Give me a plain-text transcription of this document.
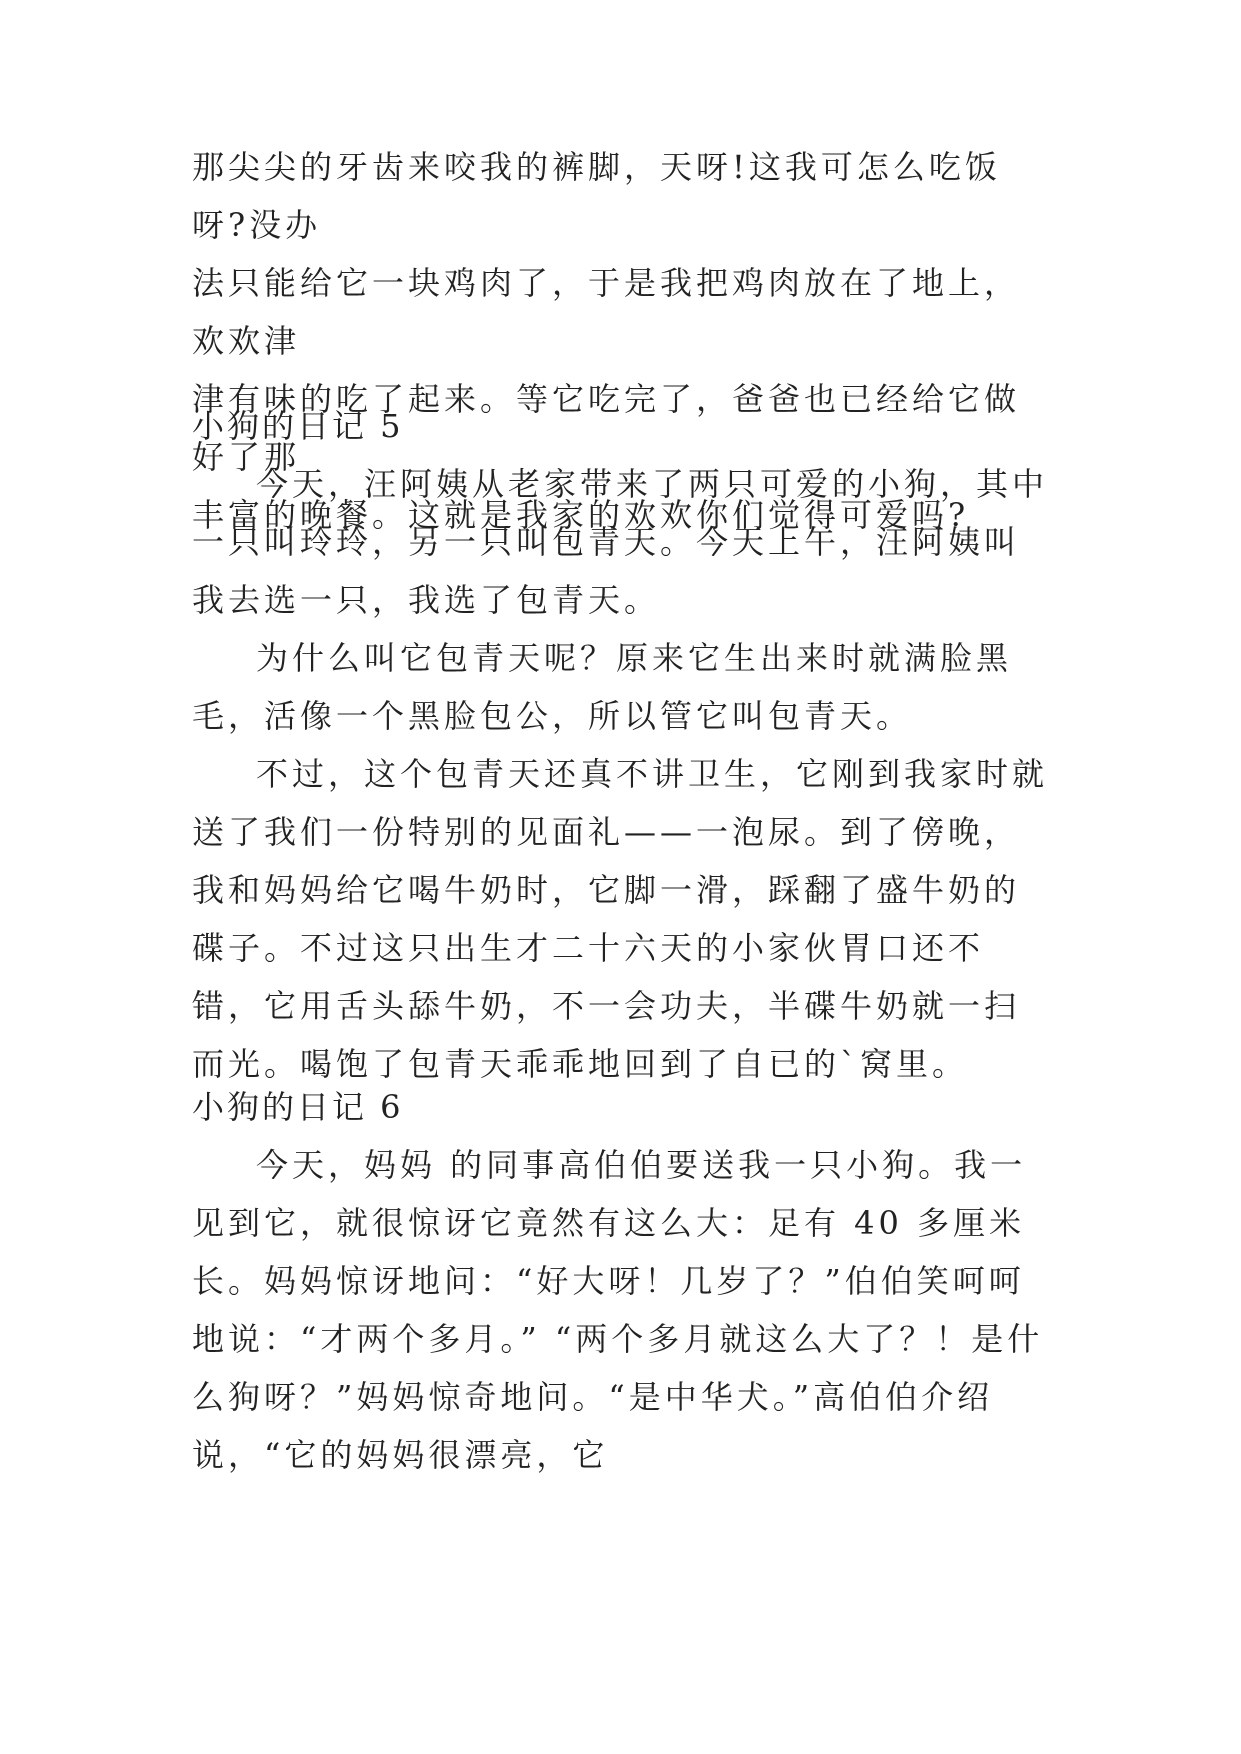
那尖尖的牙齿来咬我的裤脚，天呀!这我可怎么吃饭呀?没办

法只能给它一块鸡肉了，于是我把鸡肉放在了地上，欢欢津

津有味的吃了起来。等它吃完了，爸爸也已经给它做好了那

丰富的晚餐。这就是我家的欢欢你们觉得可爱吗?

小狗的日记 5

今天，汪阿姨从老家带来了两只可爱的小狗，其中一只叫玲玲，另一只叫包青天。今天上午，汪阿姨叫我去选一只，我选了包青天。

为什么叫它包青天呢？原来它生出来时就满脸黑毛，活像一个黑脸包公，所以管它叫包青天。

不过，这个包青天还真不讲卫生，它刚到我家时就送了我们一份特别的见面礼——一泡尿。到了傍晚，我和妈妈给它喝牛奶时，它脚一滑，踩翻了盛牛奶的碟子。不过这只出生才二十六天的小家伙胃口还不错，它用舌头舔牛奶，不一会功夫，半碟牛奶就一扫而光。喝饱了包青天乖乖地回到了自已的`窝里。

小狗的日记 6

今天，妈妈 的同事高伯伯要送我一只小狗。我一见到它，就很惊讶它竟然有这么大：足有 40 多厘米长。妈妈惊讶地问：“好大呀！几岁了？”伯伯笑呵呵地说：“才两个多月。” “两个多月就这么大了？！是什么狗呀？”妈妈惊奇地问。“是中华犬。”高伯伯介绍说，“它的妈妈很漂亮，它
